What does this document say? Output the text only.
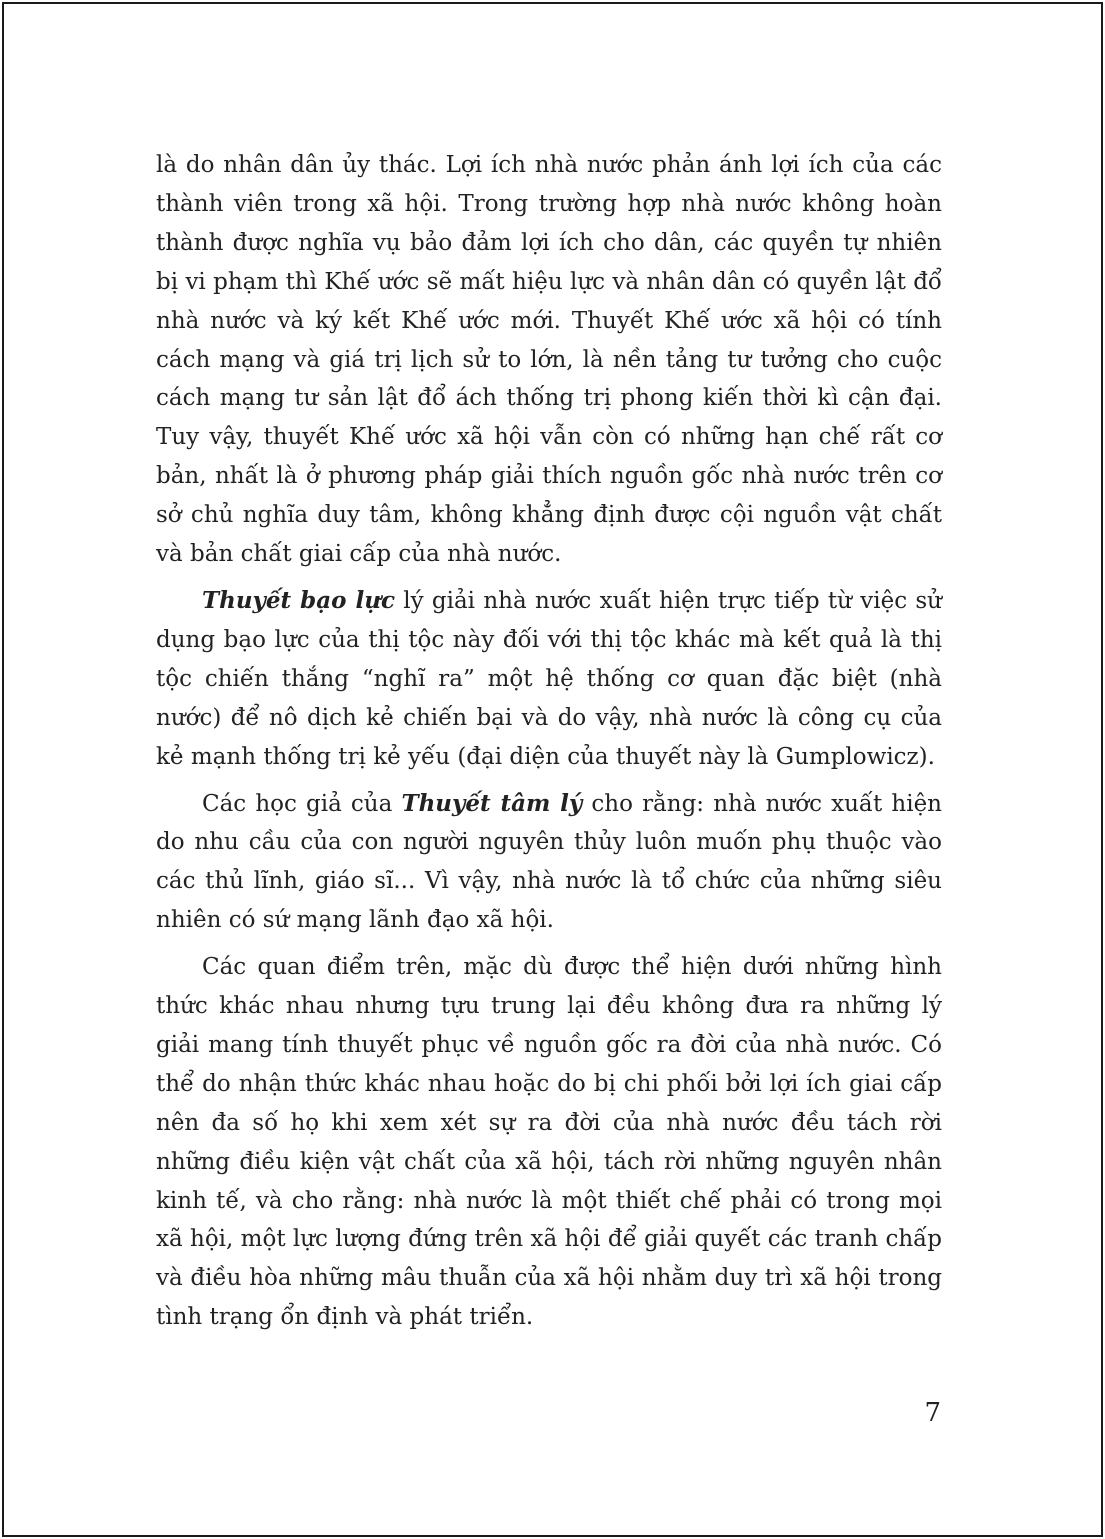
là do nhân dân ủy thác. Lợi ích nhà nước phản ánh lợi ích của các thành viên trong xã hội. Trong trường hợp nhà nước không hoàn thành được nghĩa vụ bảo đảm lợi ích cho dân, các quyền tự nhiên bị vi phạm thì Khế ước sẽ mất hiệu lực và nhân dân có quyền lật đổ nhà nước và ký kết Khế ước mới. Thuyết Khế ước xã hội có tính cách mạng và giá trị lịch sử to lớn, là nền tảng tư tưởng cho cuộc cách mạng tư sản lật đổ ách thống trị phong kiến thời kì cận đại. Tuy vậy, thuyết Khế ước xã hội vẫn còn có những hạn chế rất cơ bản, nhất là ở phương pháp giải thích nguồn gốc nhà nước trên cơ sở chủ nghĩa duy tâm, không khẳng định được cội nguồn vật chất và bản chất giai cấp của nhà nước.

Thuyết bạo lực lý giải nhà nước xuất hiện trực tiếp từ việc sử dụng bạo lực của thị tộc này đối với thị tộc khác mà kết quả là thị tộc chiến thắng “nghĩ ra” một hệ thống cơ quan đặc biệt (nhà nước) để nô dịch kẻ chiến bại và do vậy, nhà nước là công cụ của kẻ mạnh thống trị kẻ yếu (đại diện của thuyết này là Gumplowicz).

Các học giả của Thuyết tâm lý cho rằng: nhà nước xuất hiện do nhu cầu của con người nguyên thủy luôn muốn phụ thuộc vào các thủ lĩnh, giáo sĩ... Vì vậy, nhà nước là tổ chức của những siêu nhiên có sứ mạng lãnh đạo xã hội.

Các quan điểm trên, mặc dù được thể hiện dưới những hình thức khác nhau nhưng tựu trung lại đều không đưa ra những lý giải mang tính thuyết phục về nguồn gốc ra đời của nhà nước. Có thể do nhận thức khác nhau hoặc do bị chi phối bởi lợi ích giai cấp nên đa số họ khi xem xét sự ra đời của nhà nước đều tách rời những điều kiện vật chất của xã hội, tách rời những nguyên nhân kinh tế, và cho rằng: nhà nước là một thiết chế phải có trong mọi xã hội, một lực lượng đứng trên xã hội để giải quyết các tranh chấp và điều hòa những mâu thuẫn của xã hội nhằm duy trì xã hội trong tình trạng ổn định và phát triển.

7
